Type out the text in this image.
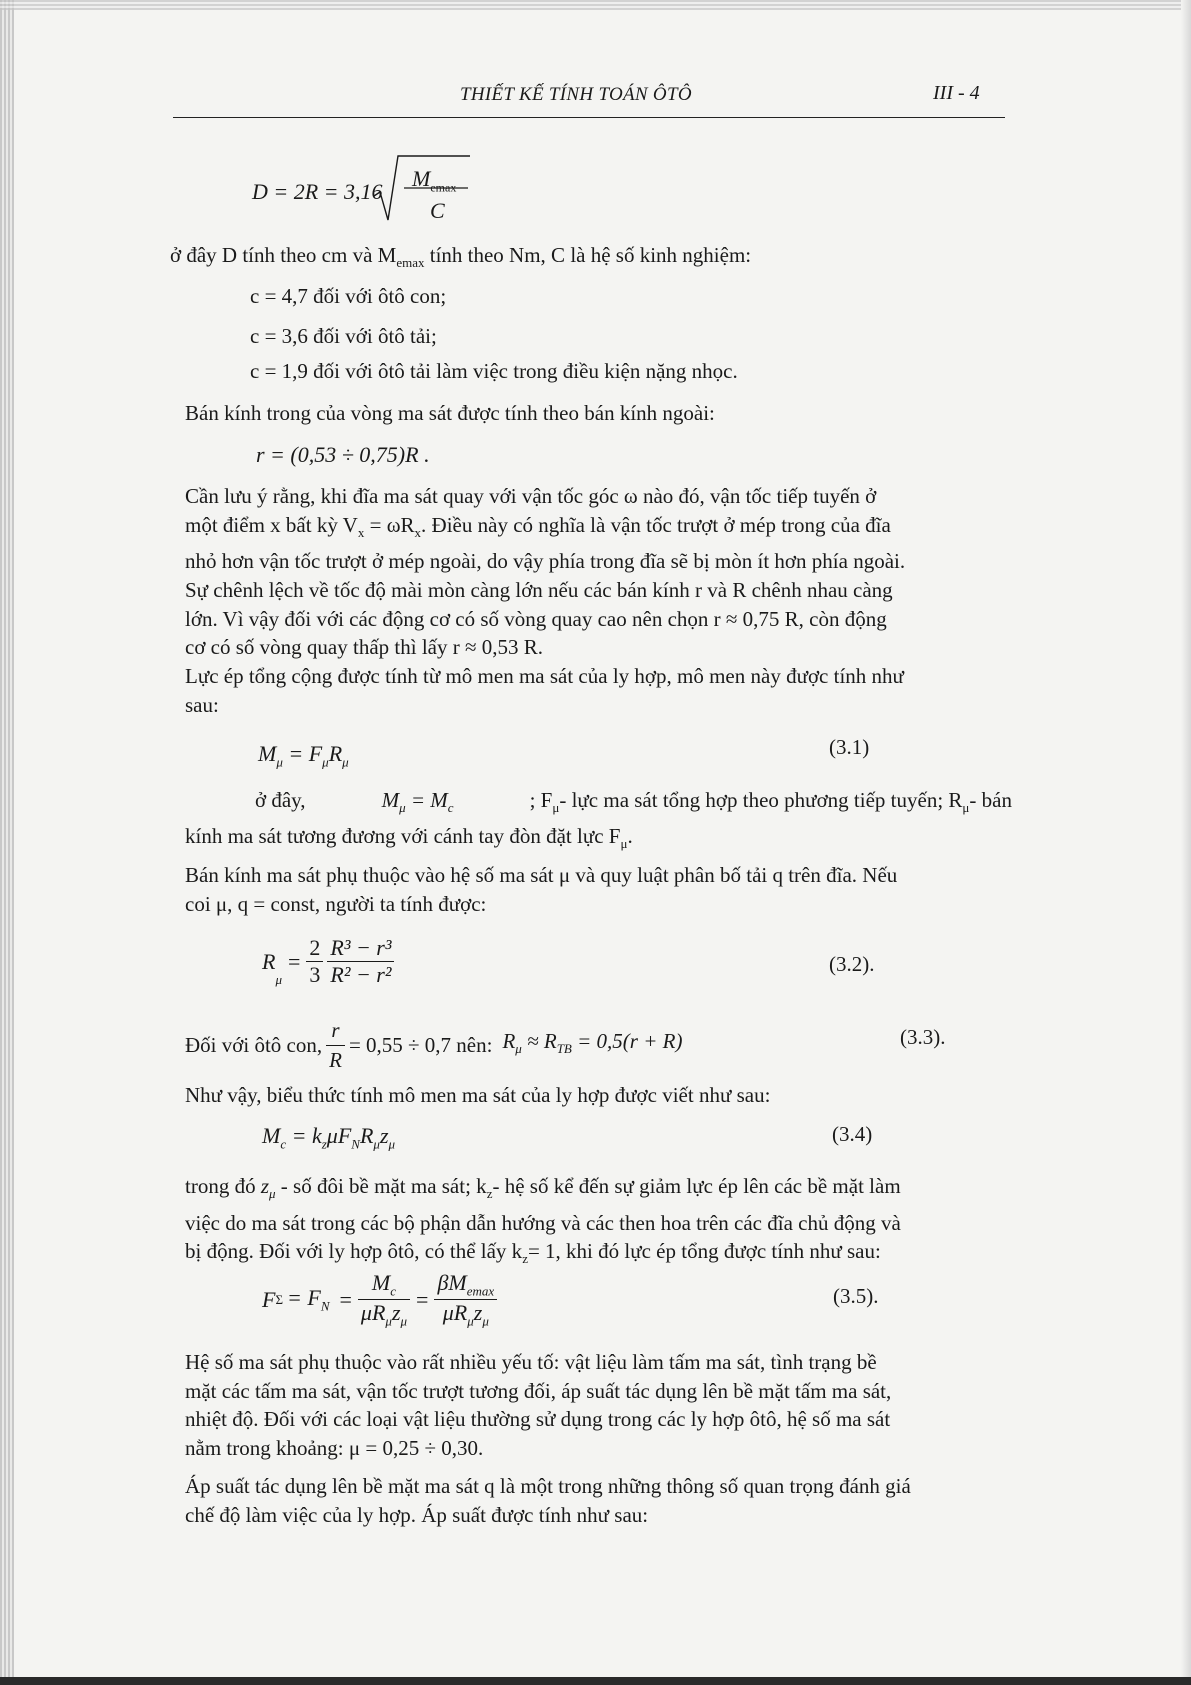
THIẾT KẾ TÍNH TOÁN ÔTÔ	III - 4
D = 2R = 3,16
$M_{emax}$
C
ở đây D tính theo cm và $M_{emax}$ tính theo Nm, C là hệ số kinh nghiệm:
c = 4,7 đối với ôtô con;
c = 3,6 đối với ôtô tải;
c = 1,9 đối với ôtô tải làm việc trong điều kiện nặng nhọc.
Bán kính trong của vòng ma sát được tính theo bán kính ngoài:
r = (0,53 ÷ 0,75)R .
Cần lưu ý rằng, khi đĩa ma sát quay với vận tốc góc ω nào đó, vận tốc tiếp tuyến ở
một điểm x bất kỳ $V_x = \omega R_x$. Điều này có nghĩa là vận tốc trượt ở mép trong của đĩa
nhỏ hơn vận tốc trượt ở mép ngoài, do vậy phía trong đĩa sẽ bị mòn ít hơn phía ngoài.
Sự chênh lệch về tốc độ mài mòn càng lớn nếu các bán kính r và R chênh nhau càng
lớn. Vì vậy đối với các động cơ có số vòng quay cao nên chọn r ≈ 0,75 R, còn động
cơ có số vòng quay thấp thì lấy r ≈ 0,53 R.
Lực ép tổng cộng được tính từ mô men ma sát của ly hợp, mô men này được tính như
sau:
$M_\mu = F_\mu R_\mu$
(3.1)
ở đây,	$M_\mu = M_c$	; $F_\mu-$ lực ma sát tổng hợp theo phương tiếp tuyến; $R_\mu-$ bán
kính ma sát tương đương với cánh tay đòn đặt lực $F_\mu$.
Bán kính ma sát phụ thuộc vào hệ số ma sát μ và quy luật phân bố tải q trên đĩa. Nếu
coi μ, q = const, người ta tính được:
R
$_\mu$
= $\frac{2}{3} \frac{\text{R³ − r³}}{\text{R² − r²}}$	(3.2).
Đối với ôtô con, $\frac{r}{R} = 0,55 \div 0,7$ nên: $R_\mu \approx R_{TB} = 0,5(r + R)$	(3.3).
Như vậy, biểu thức tính mô men ma sát của ly hợp được viết như sau:
$M_c = k_z\mu F_NR_\mu z_\mu$	(3.4)
trong đó $z_\mu$ - số đôi bề mặt ma sát; $k_z-$ hệ số kể đến sự giảm lực ép lên các bề mặt làm
việc do ma sát trong các bộ phận dẫn hướng và các then hoa trên các đĩa chủ động và
bị động. Đối với ly hợp ôtô, có thể lấy $k_z= 1$, khi đó lực ép tổng được tính như sau:
F $\Sigma = F_N = \frac{M_c}{\mu R_\mu z_\mu} = \frac{\beta M_{emax}}{\mu R_\mu z_\mu}$	(3.5).
Hệ số ma sát phụ thuộc vào rất nhiều yếu tố: vật liệu làm tấm ma sát, tình trạng bề
mặt các tấm ma sát, vận tốc trượt tương đối, áp suất tác dụng lên bề mặt tấm ma sát,
nhiệt độ. Đối với các loại vật liệu thường sử dụng trong các ly hợp ôtô, hệ số ma sát
nằm trong khoảng: μ = 0,25 ÷ 0,30.
Áp suất tác dụng lên bề mặt ma sát q là một trong những thông số quan trọng đánh giá
chế độ làm việc của ly hợp. Áp suất được tính như sau:
